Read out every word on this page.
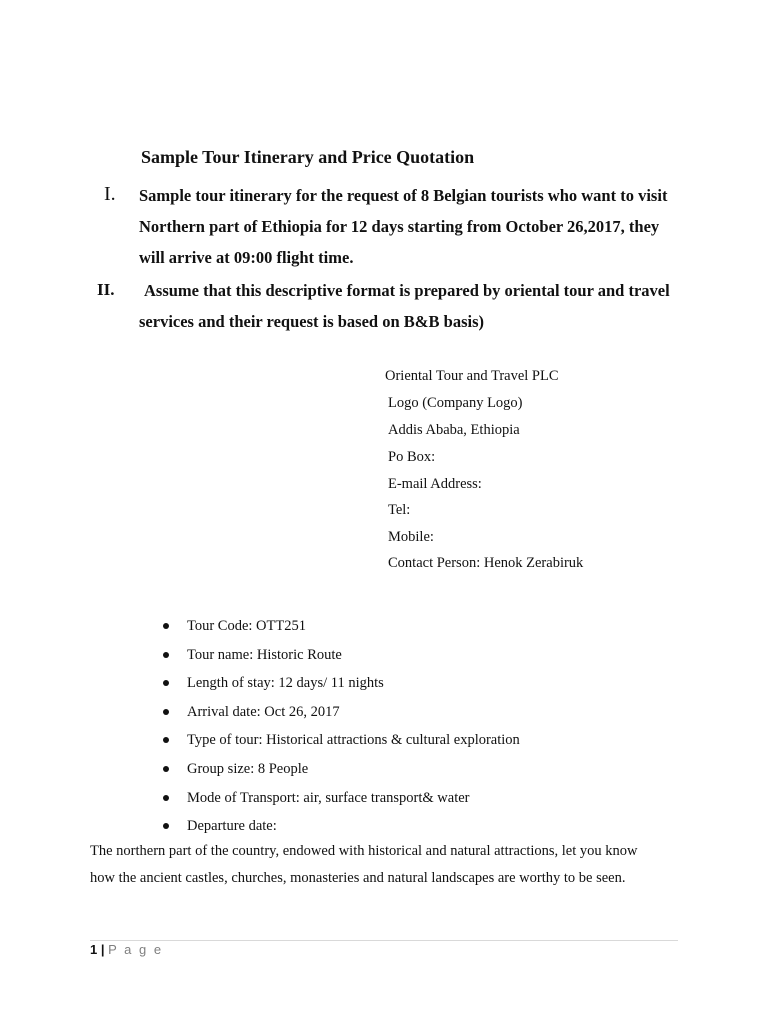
Sample Tour Itinerary and Price Quotation
I. Sample tour itinerary for the request of 8 Belgian tourists who want to visit
Northern part of Ethiopia for 12 days starting from October 26,2017, they
will arrive at 09:00 flight time.
II. Assume that this descriptive format is prepared by oriental tour and travel
services and their request is based on B&B basis)
Oriental Tour and Travel PLC
Logo (Company Logo)
Addis Ababa, Ethiopia
Po Box:
E-mail Address:
Tel:
Mobile:
Contact Person: Henok Zerabiruk
Tour Code: OTT251
Tour name: Historic Route
Length of stay: 12 days/ 11 nights
Arrival date: Oct 26, 2017
Type of tour: Historical attractions & cultural exploration
Group size: 8 People
Mode of Transport: air, surface transport& water
Departure date:
The northern part of the country, endowed with historical and natural attractions, let you know
how the ancient castles, churches, monasteries and natural landscapes are worthy to be seen.
1 | P a g e
